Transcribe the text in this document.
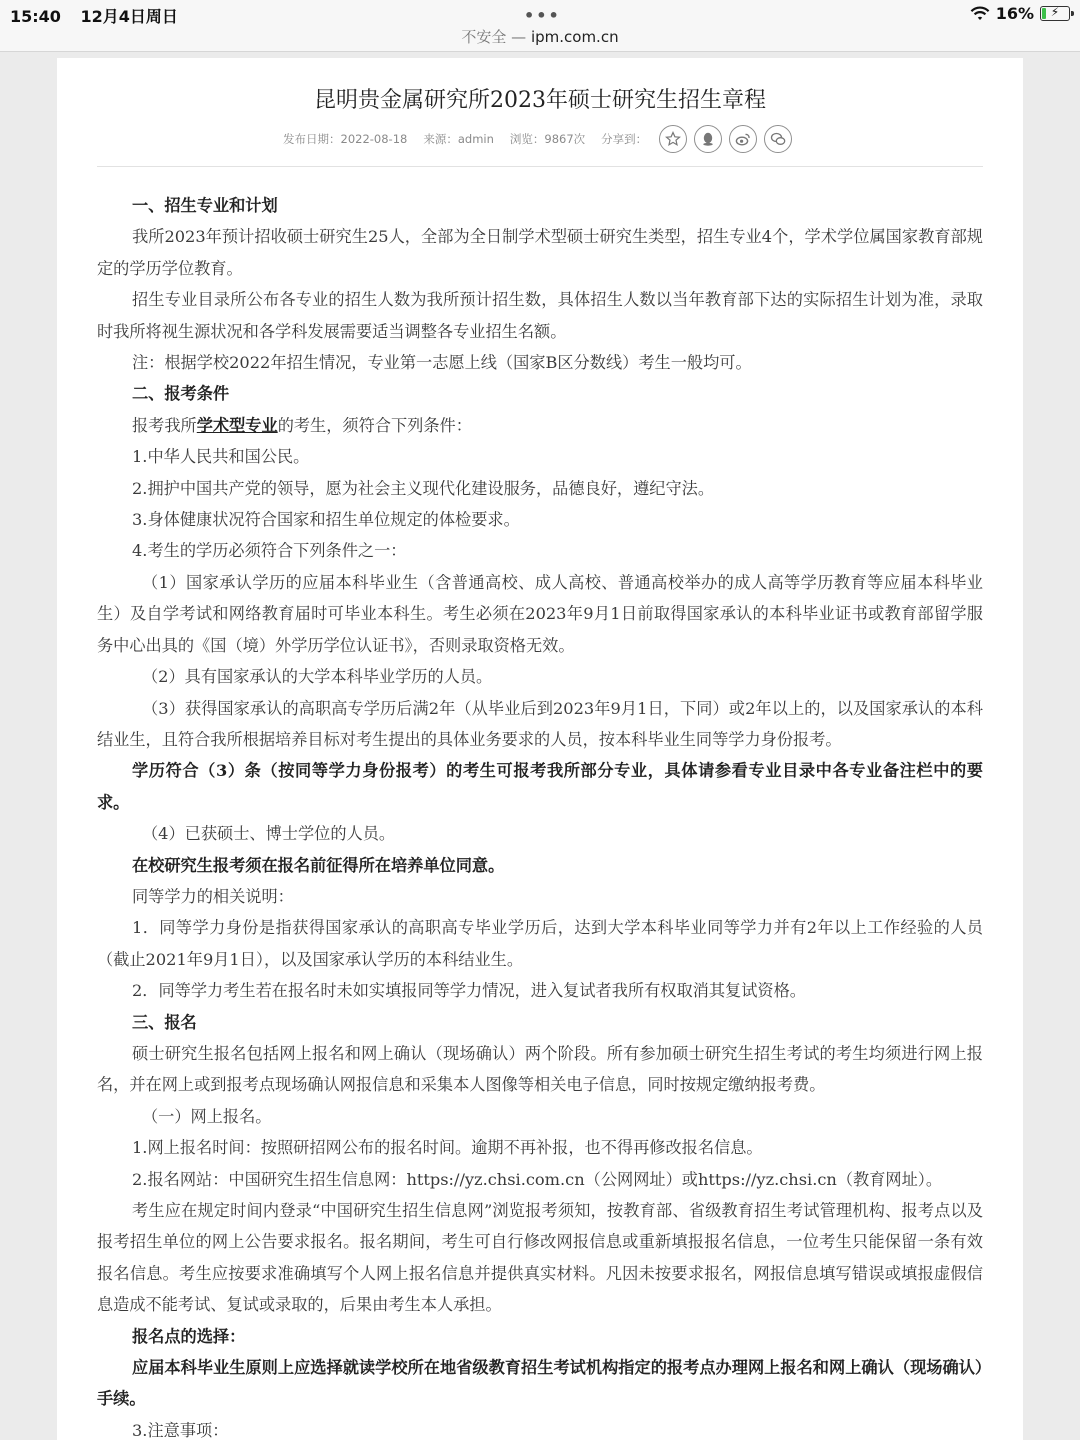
15:40 12月4日周日	•••
不安全 — ipm.com.cn
16%	⚡
昆明贵金属研究所2023年硕士研究生招生章程
发布日期：2022-08-18 来源：admin 浏览：9867次 分享到：

一、招生专业和计划

我所2023年预计招收硕士研究生25人，全部为全日制学术型硕士研究生类型，招生专业4个，学术学位属国家教育部规定的学历学位教育。

招生专业目录所公布各专业的招生人数为我所预计招生数，具体招生人数以当年教育部下达的实际招生计划为准，录取时我所将视生源状况和各学科发展需要适当调整各专业招生名额。

注：根据学校2022年招生情况，专业第一志愿上线（国家B区分数线）考生一般均可。

二、报考条件

报考我所学术型专业的考生，须符合下列条件：

1.中华人民共和国公民。

2.拥护中国共产党的领导，愿为社会主义现代化建设服务，品德良好，遵纪守法。

3.身体健康状况符合国家和招生单位规定的体检要求。

4.考生的学历必须符合下列条件之一：

（1）国家承认学历的应届本科毕业生（含普通高校、成人高校、普通高校举办的成人高等学历教育等应届本科毕业生）及自学考试和网络教育届时可毕业本科生。考生必须在2023年9月1日前取得国家承认的本科毕业证书或教育部留学服务中心出具的《国（境）外学历学位认证书》，否则录取资格无效。

（2）具有国家承认的大学本科毕业学历的人员。

（3）获得国家承认的高职高专学历后满2年（从毕业后到2023年9月1日，下同）或2年以上的，以及国家承认的本科结业生，且符合我所根据培养目标对考生提出的具体业务要求的人员，按本科毕业生同等学力身份报考。

学历符合（3）条（按同等学力身份报考）的考生可报考我所部分专业，具体请参看专业目录中各专业备注栏中的要求。

（4）已获硕士、博士学位的人员。

在校研究生报考须在报名前征得所在培养单位同意。

同等学力的相关说明：

1．同等学力身份是指获得国家承认的高职高专毕业学历后，达到大学本科毕业同等学力并有2年以上工作经验的人员（截止2021年9月1日），以及国家承认学历的本科结业生。

2．同等学力考生若在报名时未如实填报同等学力情况，进入复试者我所有权取消其复试资格。

三、报名

硕士研究生报名包括网上报名和网上确认（现场确认）两个阶段。所有参加硕士研究生招生考试的考生均须进行网上报名，并在网上或到报考点现场确认网报信息和采集本人图像等相关电子信息，同时按规定缴纳报考费。

（一）网上报名。

1.网上报名时间：按照研招网公布的报名时间。逾期不再补报，也不得再修改报名信息。

2.报名网站：中国研究生招生信息网：https://yz.chsi.com.cn（公网网址）或https://yz.chsi.cn（教育网址）。

考生应在规定时间内登录“中国研究生招生信息网”浏览报考须知，按教育部、省级教育招生考试管理机构、报考点以及报考招生单位的网上公告要求报名。报名期间，考生可自行修改网报信息或重新填报报名信息，一位考生只能保留一条有效报名信息。考生应按要求准确填写个人网上报名信息并提供真实材料。凡因未按要求报名，网报信息填写错误或填报虚假信息造成不能考试、复试或录取的，后果由考生本人承担。

报名点的选择：

应届本科毕业生原则上应选择就读学校所在地省级教育招生考试机构指定的报考点办理网上报名和网上确认（现场确认）手续。

3.注意事项：
